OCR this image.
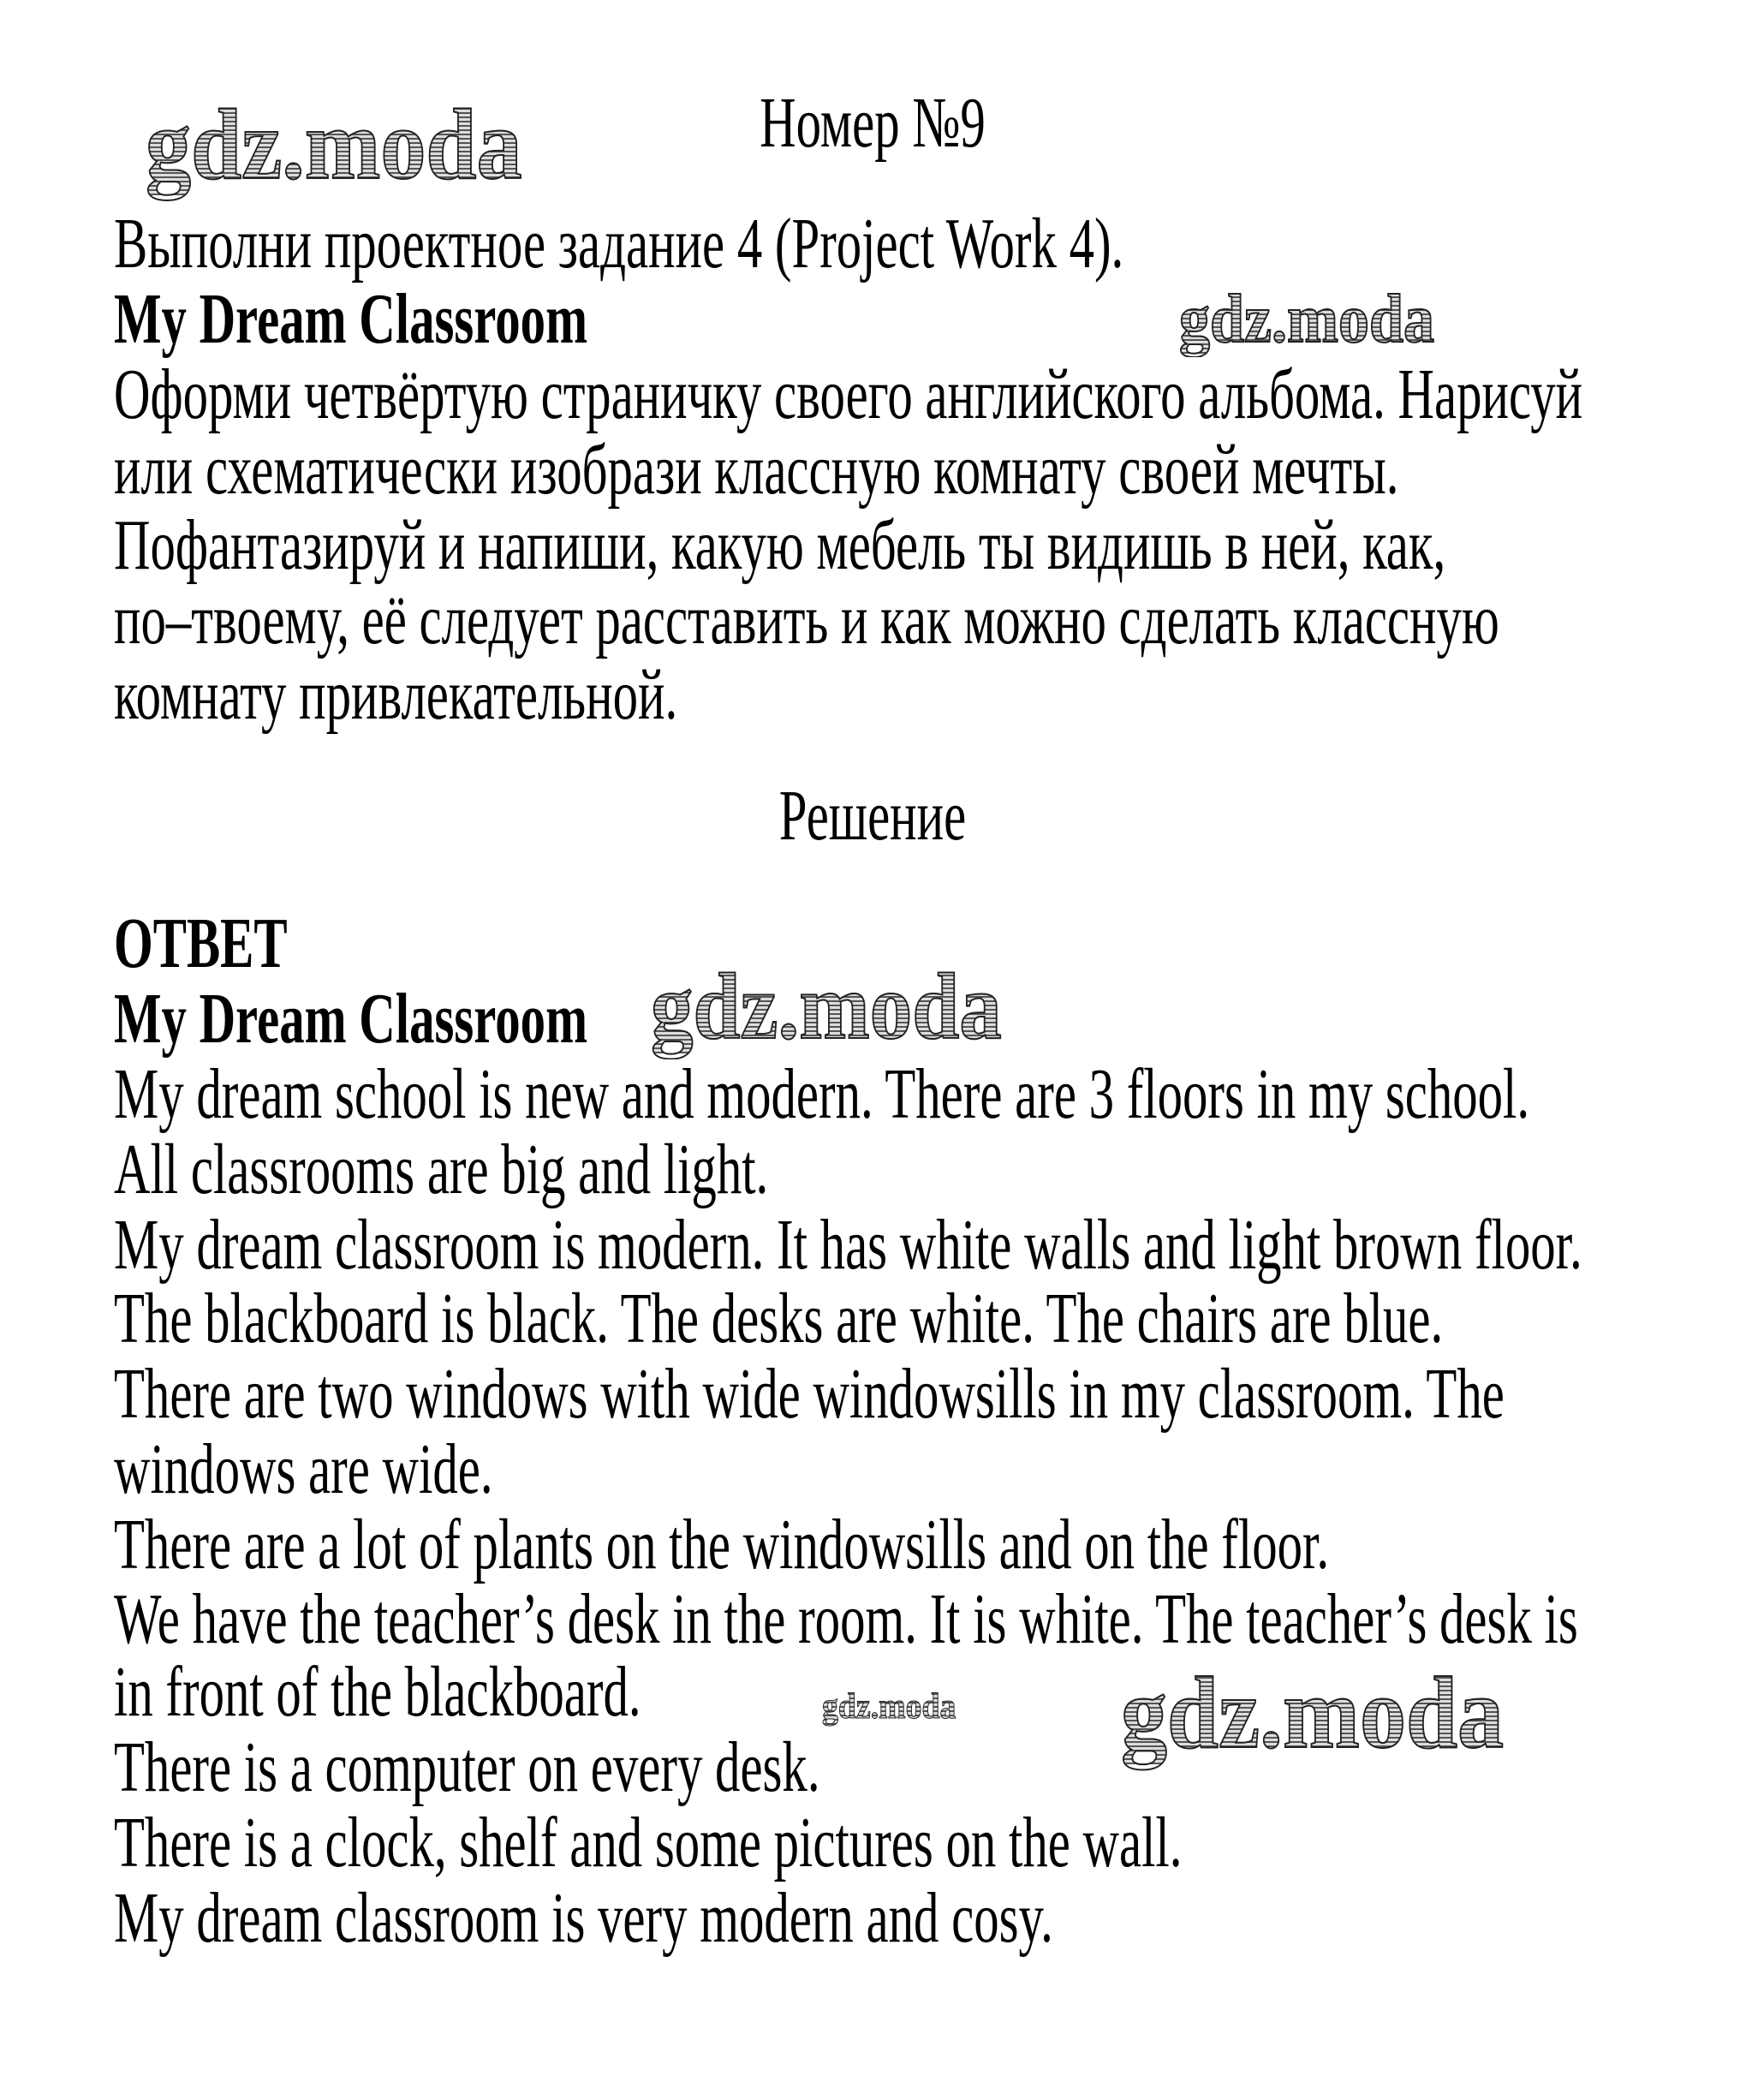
Номер №9
Выполни проектное задание 4 (Project Work 4).
My Dream Classroom
Оформи четвёртую страничку своего английского альбома. Нарисуй
или схематически изобрази классную комнату своей мечты.
Пофантазируй и напиши, какую мебель ты видишь в ней, как,
по–твоему, её следует расставить и как можно сделать классную
комнату привлекательной.
Решение
ОТВЕТ
My Dream Classroom
My dream school is new and modern. There are 3 floors in my school.
All classrooms are big and light.
My dream classroom is modern. It has white walls and light brown floor.
The blackboard is black. The desks are white. The chairs are blue.
There are two windows with wide windowsills in my classroom. The
windows are wide.
There are a lot of plants on the windowsills and on the floor.
We have the teacher’s desk in the room. It is white. The teacher’s desk is
in front of the blackboard.
There is a computer on every desk.
There is a clock, shelf and some pictures on the wall.
My dream classroom is very modern and cosy.
gdz.moda
gdz.moda
gdz.moda
gdz.moda
gdz.moda
